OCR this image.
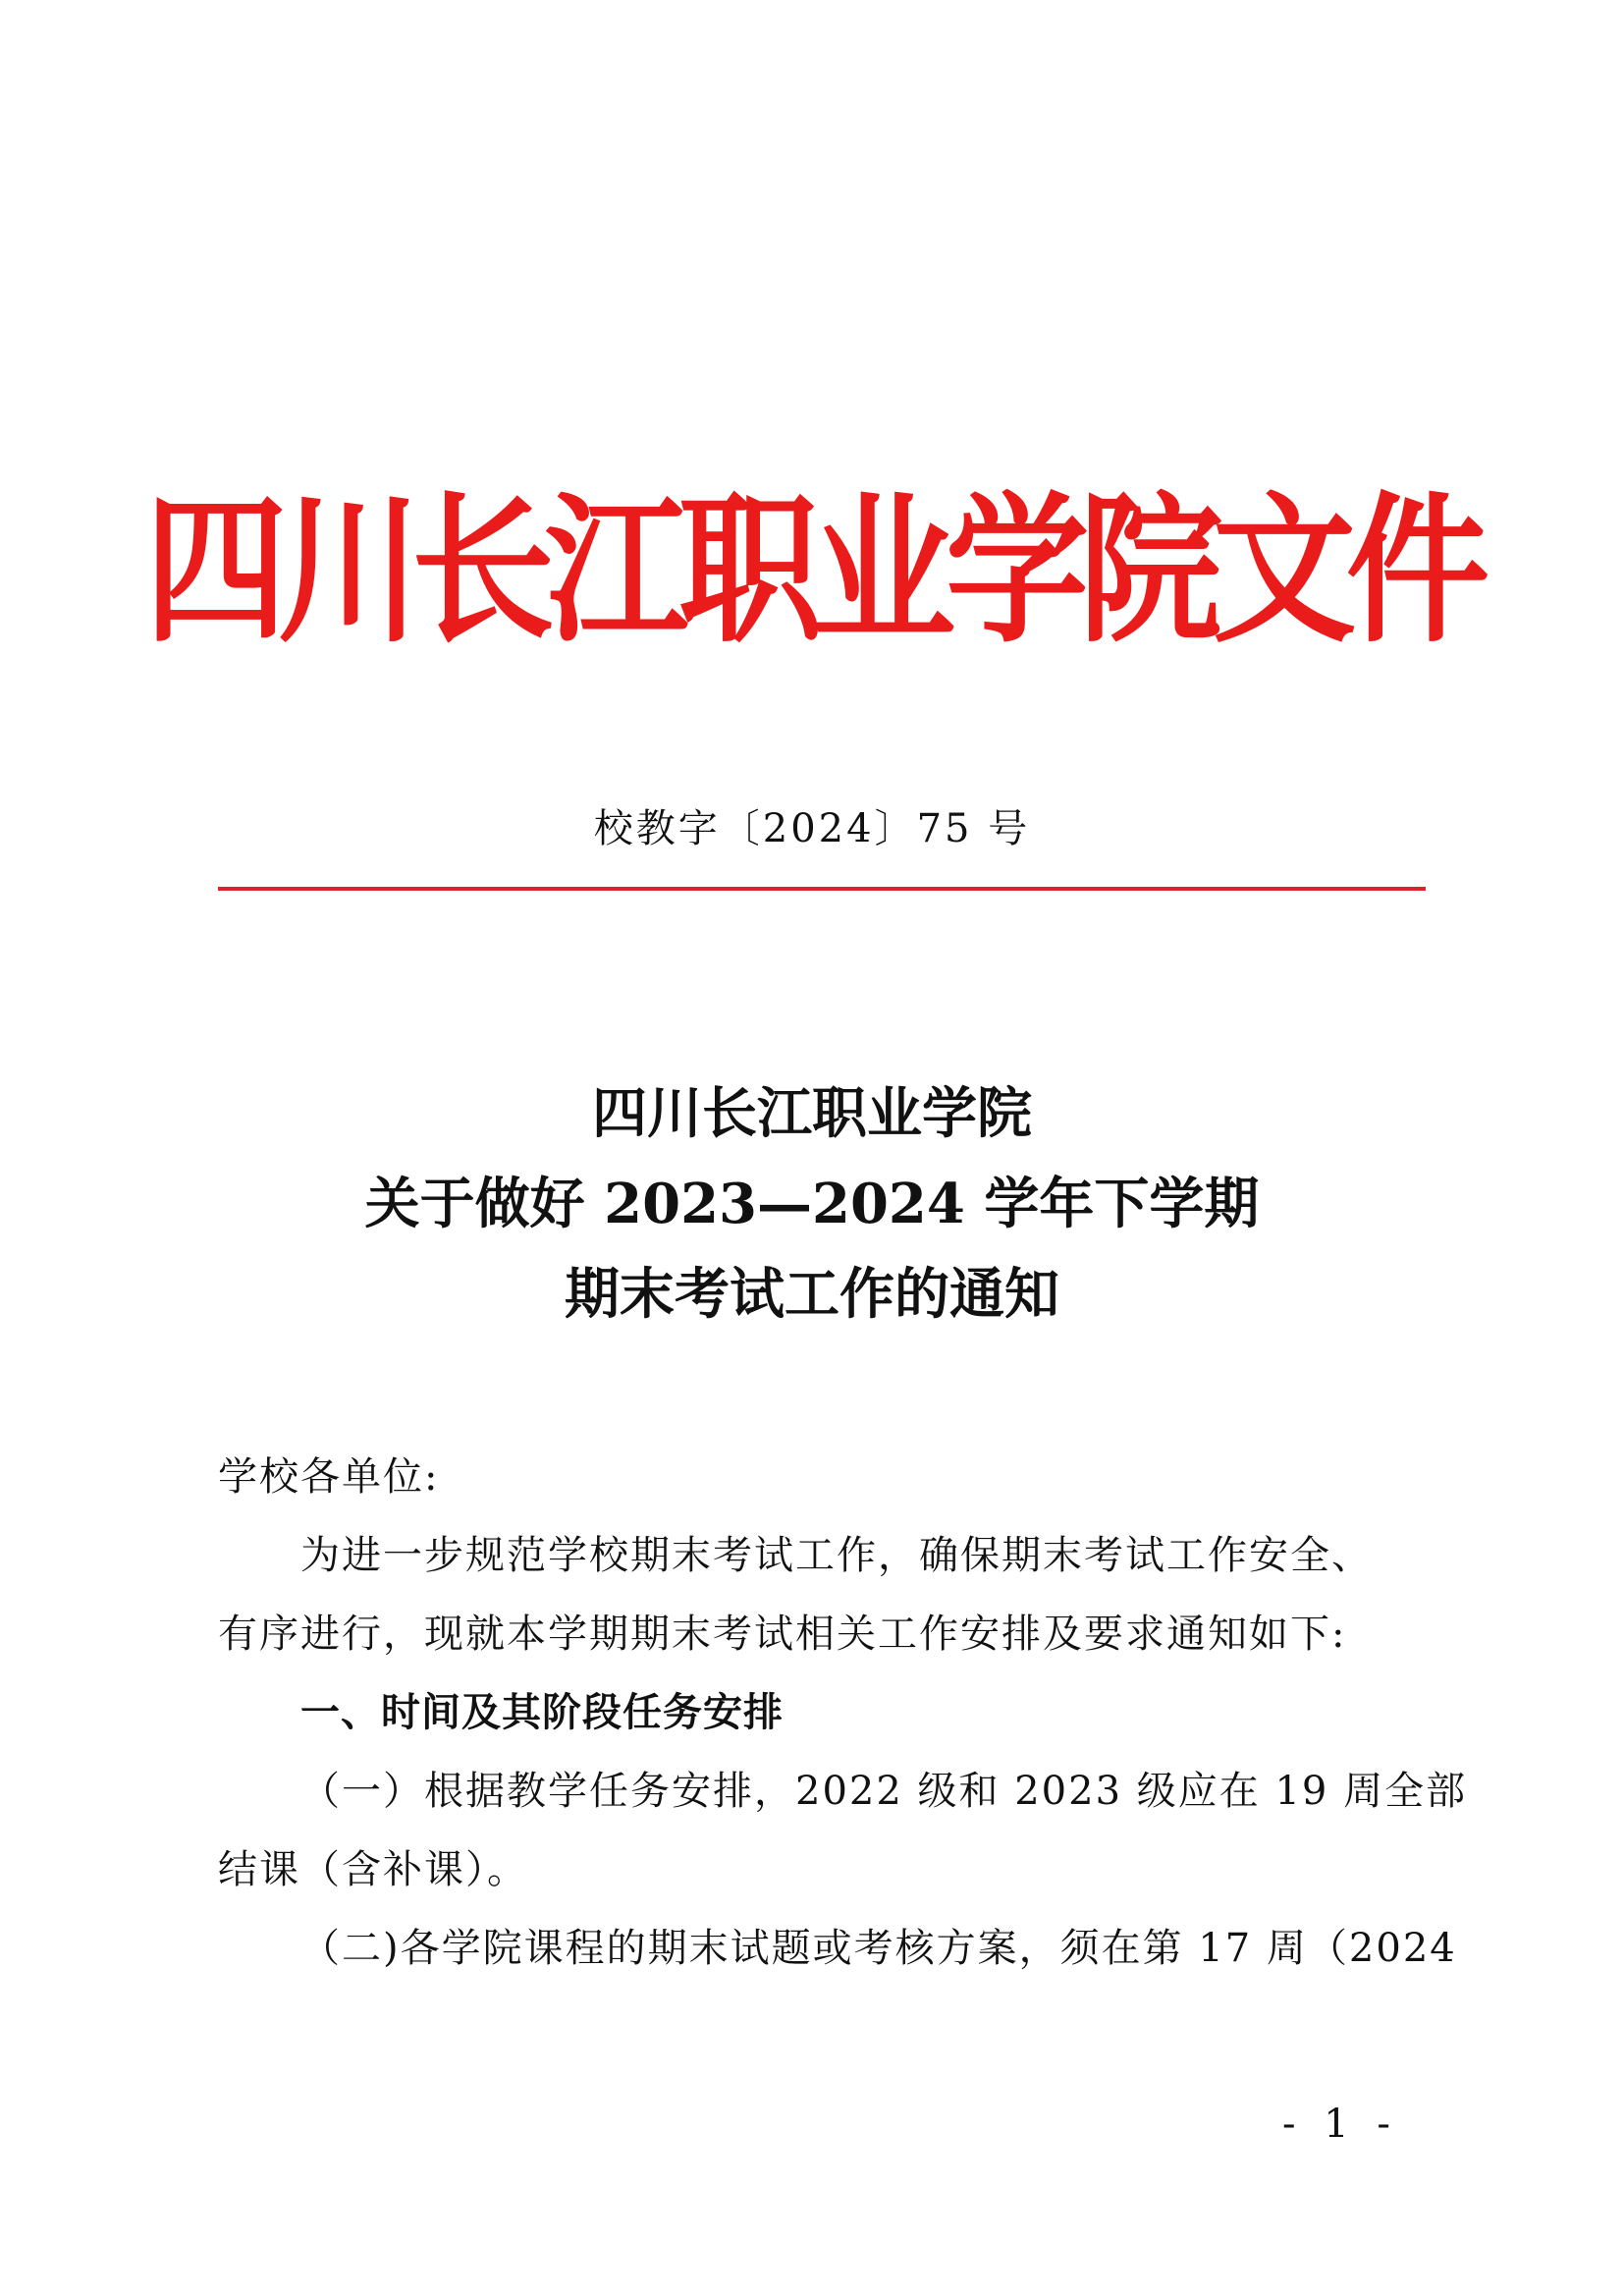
四川长江职业学院文件
校教字〔2024〕75 号
四川长江职业学院
关于做好 2023—2024 学年下学期
期末考试工作的通知
学校各单位:
为进一步规范学校期末考试工作，确保期末考试工作安全、
有序进行，现就本学期期末考试相关工作安排及要求通知如下:
一、时间及其阶段任务安排
（一）根据教学任务安排，2022 级和 2023 级应在 19 周全部
结课（含补课）。
（二)各学院课程的期末试题或考核方案，须在第 17 周（2024
- 1 -
